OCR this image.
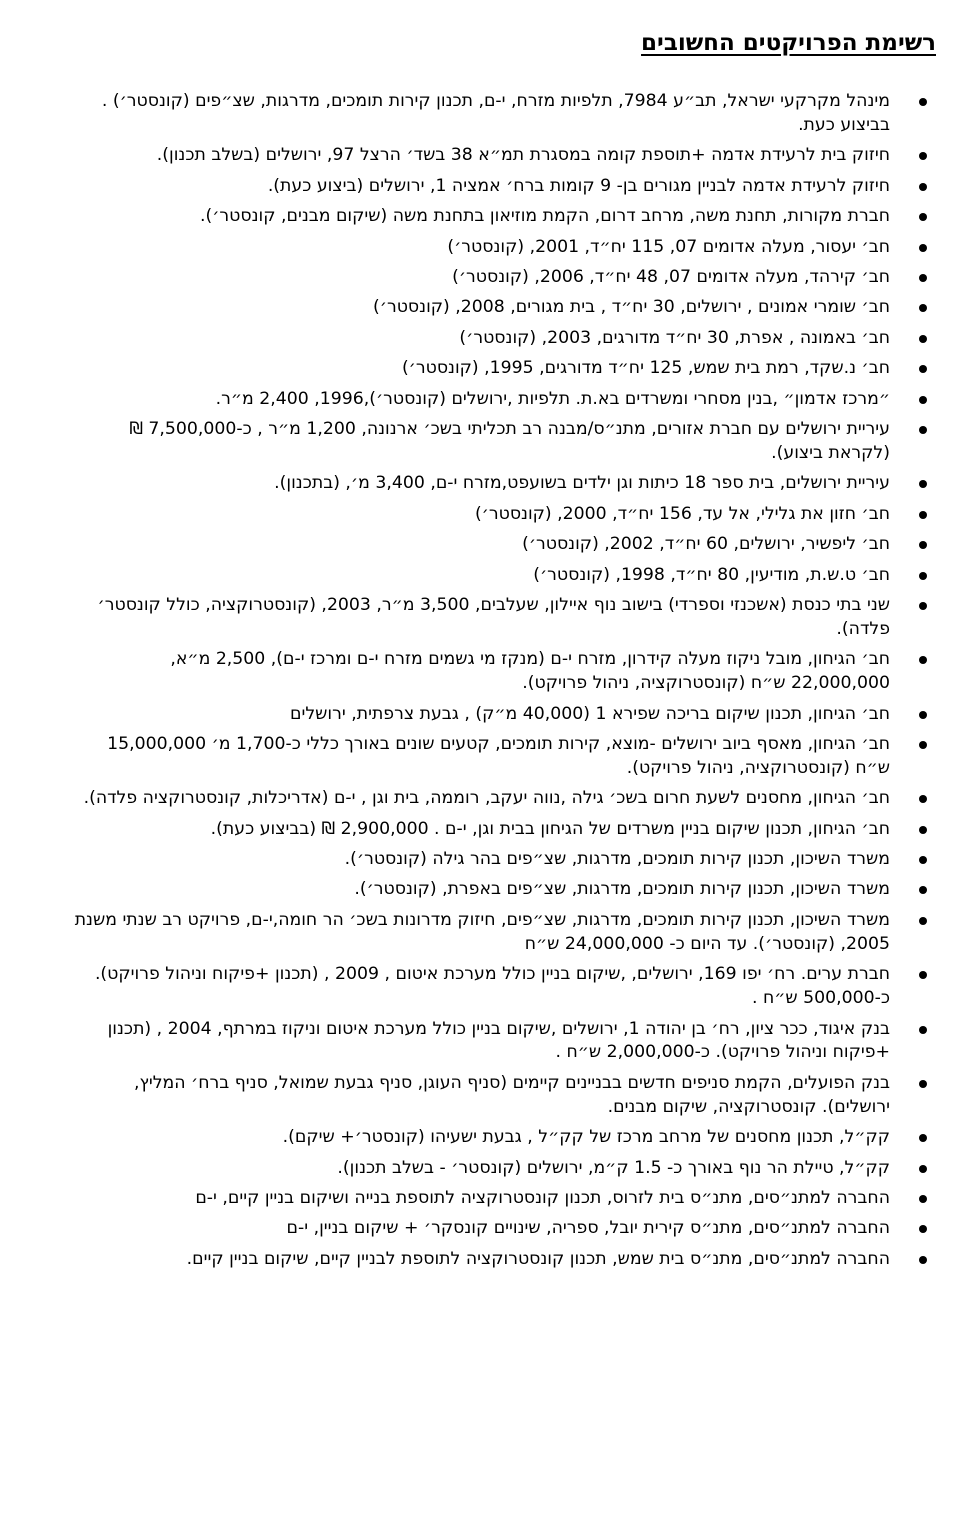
רשימת הפרויקטים החשובים
מינהל מקרקעי ישראל, תב״ע 7984, תלפיות מזרח, י-ם, תכנון קירות תומכים, מדרגות, שצ״פים (קונסטר׳) . בביצוע כעת.
חיזוק בית לרעידת אדמה +תוספת קומה במסגרת תמ״א 38 בשד׳ הרצל 97, ירושלים (בשלב תכנון).
חיזוק לרעידת אדמה לבניין מגורים בן- 9 קומות ברח׳ אמציה 1, ירושלים (ביצוע כעת).
חברת מקורות, תחנת משה, מרחב דרום, הקמת מוזיאון בתחנת משה (שיקום מבנים, קונסטר׳).
חב׳ יעסור, מעלה אדומים 07, 115 יח״ד, 2001, (קונסטר׳)
חב׳ קירהד, מעלה אדומים 07, 48 יח״ד, 2006, (קונסטר׳)
חב׳ שומרי אמונים , ירושלים, 30 יח״ד , בית מגורים, 2008, (קונסטר׳)
חב׳ באמונה , אפרת, 30 יח״ד מדורגים, 2003, (קונסטר׳)
חב׳ נ.שקד, רמת בית שמש, 125 יח״ד מדורגים, 1995, (קונסטר׳)
״מרכז אדמון״ ,בנין מסחרי ומשרדים בא.ת. תלפיות ,ירושלים (קונסטר׳),1996, 2,400 מ״ר.
עיריית ירושלים עם חברת אזורים, מתנ״ס/מבנה רב תכליתי בשכ׳ ארנונה, 1,200 מ״ר , כ-7,500,000 ₪ (לקראת ביצוע).
עיריית ירושלים, בית ספר 18 כיתות וגן ילדים בשועפט,מזרח י-ם, 3,400 מ׳, (בתכנון).
חב׳ חזון את גלילי, אל עד, 156 יח״ד, 2000, (קונסטר׳)
חב׳ ליפשיר, ירושלים, 60 יח״ד, 2002, (קונסטר׳)
חב׳ ט.ש.ת, מודיעין, 80 יח״ד, 1998, (קונסטר׳)
שני בתי כנסת (אשכנזי וספרדי) בישוב נוף איילון, שעלבים, 3,500 מ״ר, 2003, (קונסטרוקציה, כולל קונסטר׳ פלדה).
חב׳ הגיחון, מובל ניקוז מעלה קידרון, מזרח י-ם (מנקז מי גשמים מזרח י-ם ומרכז י-ם), 2,500 מ״א, 22,000,000 ש״ח (קונסטרוקציה, ניהול פרויקט).
חב׳ הגיחון, תכנון שיקום בריכה שפירא 1 (40,000 מ״ק) , גבעת צרפתית, ירושלים
חב׳ הגיחון, מאסף ביוב ירושלים -מוצא, קירות תומכים, קטעים שונים באורך כללי כ-1,700 מ׳ 15,000,000 ש״ח (קונסטרוקציה, ניהול פרויקט).
חב׳ הגיחון, מחסנים לשעת חרום בשכ׳ גילה ,נווה יעקב, רוממה, בית וגן , י-ם (אדריכלות, קונסטרוקציה פלדה).
חב׳ הגיחון, תכנון שיקום בניין משרדים של הגיחון בבית וגן, י-ם . 2,900,000 ₪ (בביצוע כעת).
משרד השיכון, תכנון קירות תומכים, מדרגות, שצ״פים בהר גילה (קונסטר׳).
משרד השיכון, תכנון קירות תומכים, מדרגות, שצ״פים באפרת, (קונסטר׳).
משרד השיכון, תכנון קירות תומכים, מדרגות, שצ״פים, חיזוק מדרונות בשכ׳ הר חומה,י-ם, פרויקט רב שנתי משנת 2005, (קונסטר׳). עד היום כ- 24,000,000 ש״ח
חברת ערים. רח׳ יפו 169, ירושלים, ,שיקום בניין כולל מערכת איטום , 2009 , (תכנון +פיקוח וניהול פרויקט). כ-500,000 ש״ח .
בנק איגוד, ככר ציון, רח׳ בן יהודה 1, ירושלים ,שיקום בניין כולל מערכת איטום וניקוז במרתף, 2004 , (תכנון +פיקוח וניהול פרויקט). כ-2,000,000 ש״ח .
בנק הפועלים, הקמת סניפים חדשים בבניינים קיימים (סניף העוגן, סניף גבעת שמואל, סניף ברח׳ המליץ, ירושלים). קונסטרוקציה, שיקום מבנים.
קק״ל, תכנון מחסנים של מרחב מרכז של קק״ל , גבעת ישעיהו (קונסטר׳+ שיקם).
קק״ל, טיילת הר נוף באורך כ- 1.5 ק״מ, ירושלים (קונסטר׳ - בשלב תכנון).
החברה למתנ״סים, מתנ״ס בית לזרוס, תכנון קונסטרוקציה לתוספת בנייה ושיקום בניין קיים, י-ם
החברה למתנ״סים, מתנ״ס קירית יובל, ספריה, שינויים קונסקר׳ + שיקום בניין, י-ם
החברה למתנ״סים, מתנ״ס בית שמש, תכנון קונסטרוקציה לתוספת לבניין קיים, שיקום בניין קיים.
